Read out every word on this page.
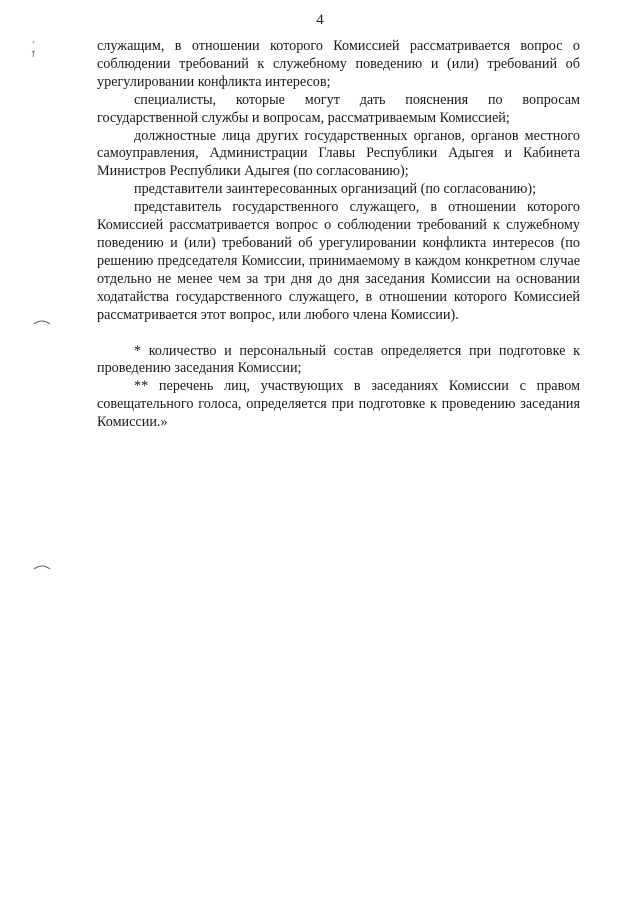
4

служащим, в отношении которого Комиссией рассматривается вопрос о соблюдении требований к служебному поведению и (или) требований об урегулировании конфликта интересов;

специалисты, которые могут дать пояснения по вопросам государственной службы и вопросам, рассматриваемым Комиссией;

должностные лица других государственных органов, органов местного самоуправления, Администрации Главы Республики Адыгея и Кабинета Министров Республики Адыгея (по согласованию);

представители заинтересованных организаций (по согласованию);

представитель государственного служащего, в отношении которого Комиссией рассматривается вопрос о соблюдении требований к служебному поведению и (или) требований об урегулировании конфликта интересов (по решению председателя Комиссии, принимаемому в каждом конкретном случае отдельно не менее чем за три дня до дня заседания Комиссии на основании ходатайства государственного служащего, в отношении которого Комиссией рассматривается этот вопрос, или любого члена Комиссии).

* количество и персональный состав определяется при подготовке к проведению заседания Комиссии;

** перечень лиц, участвующих в заседаниях Комиссии с правом совещательного голоса, определяется при подготовке к проведению заседания Комиссии.»
